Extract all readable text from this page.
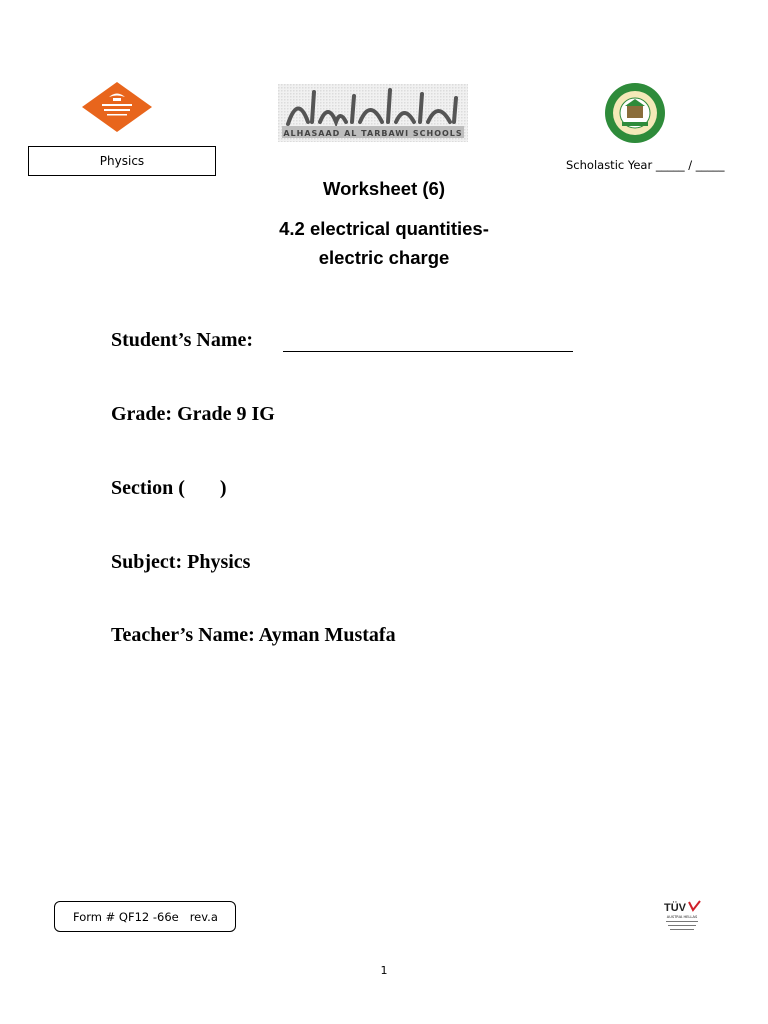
ALHASAAD AL TARBAWI SCHOOLS
Physics	Scholastic Year _____ / _____
Worksheet (6)
4.2 electrical quantities-
electric charge
Student’s Name:
Grade: Grade 9 IG
Section (       )
Subject: Physics
Teacher’s Name: Ayman Mustafa
Form # QF12 -66e   rev.a
TÜV
AUSTRIA HELLAS
1
